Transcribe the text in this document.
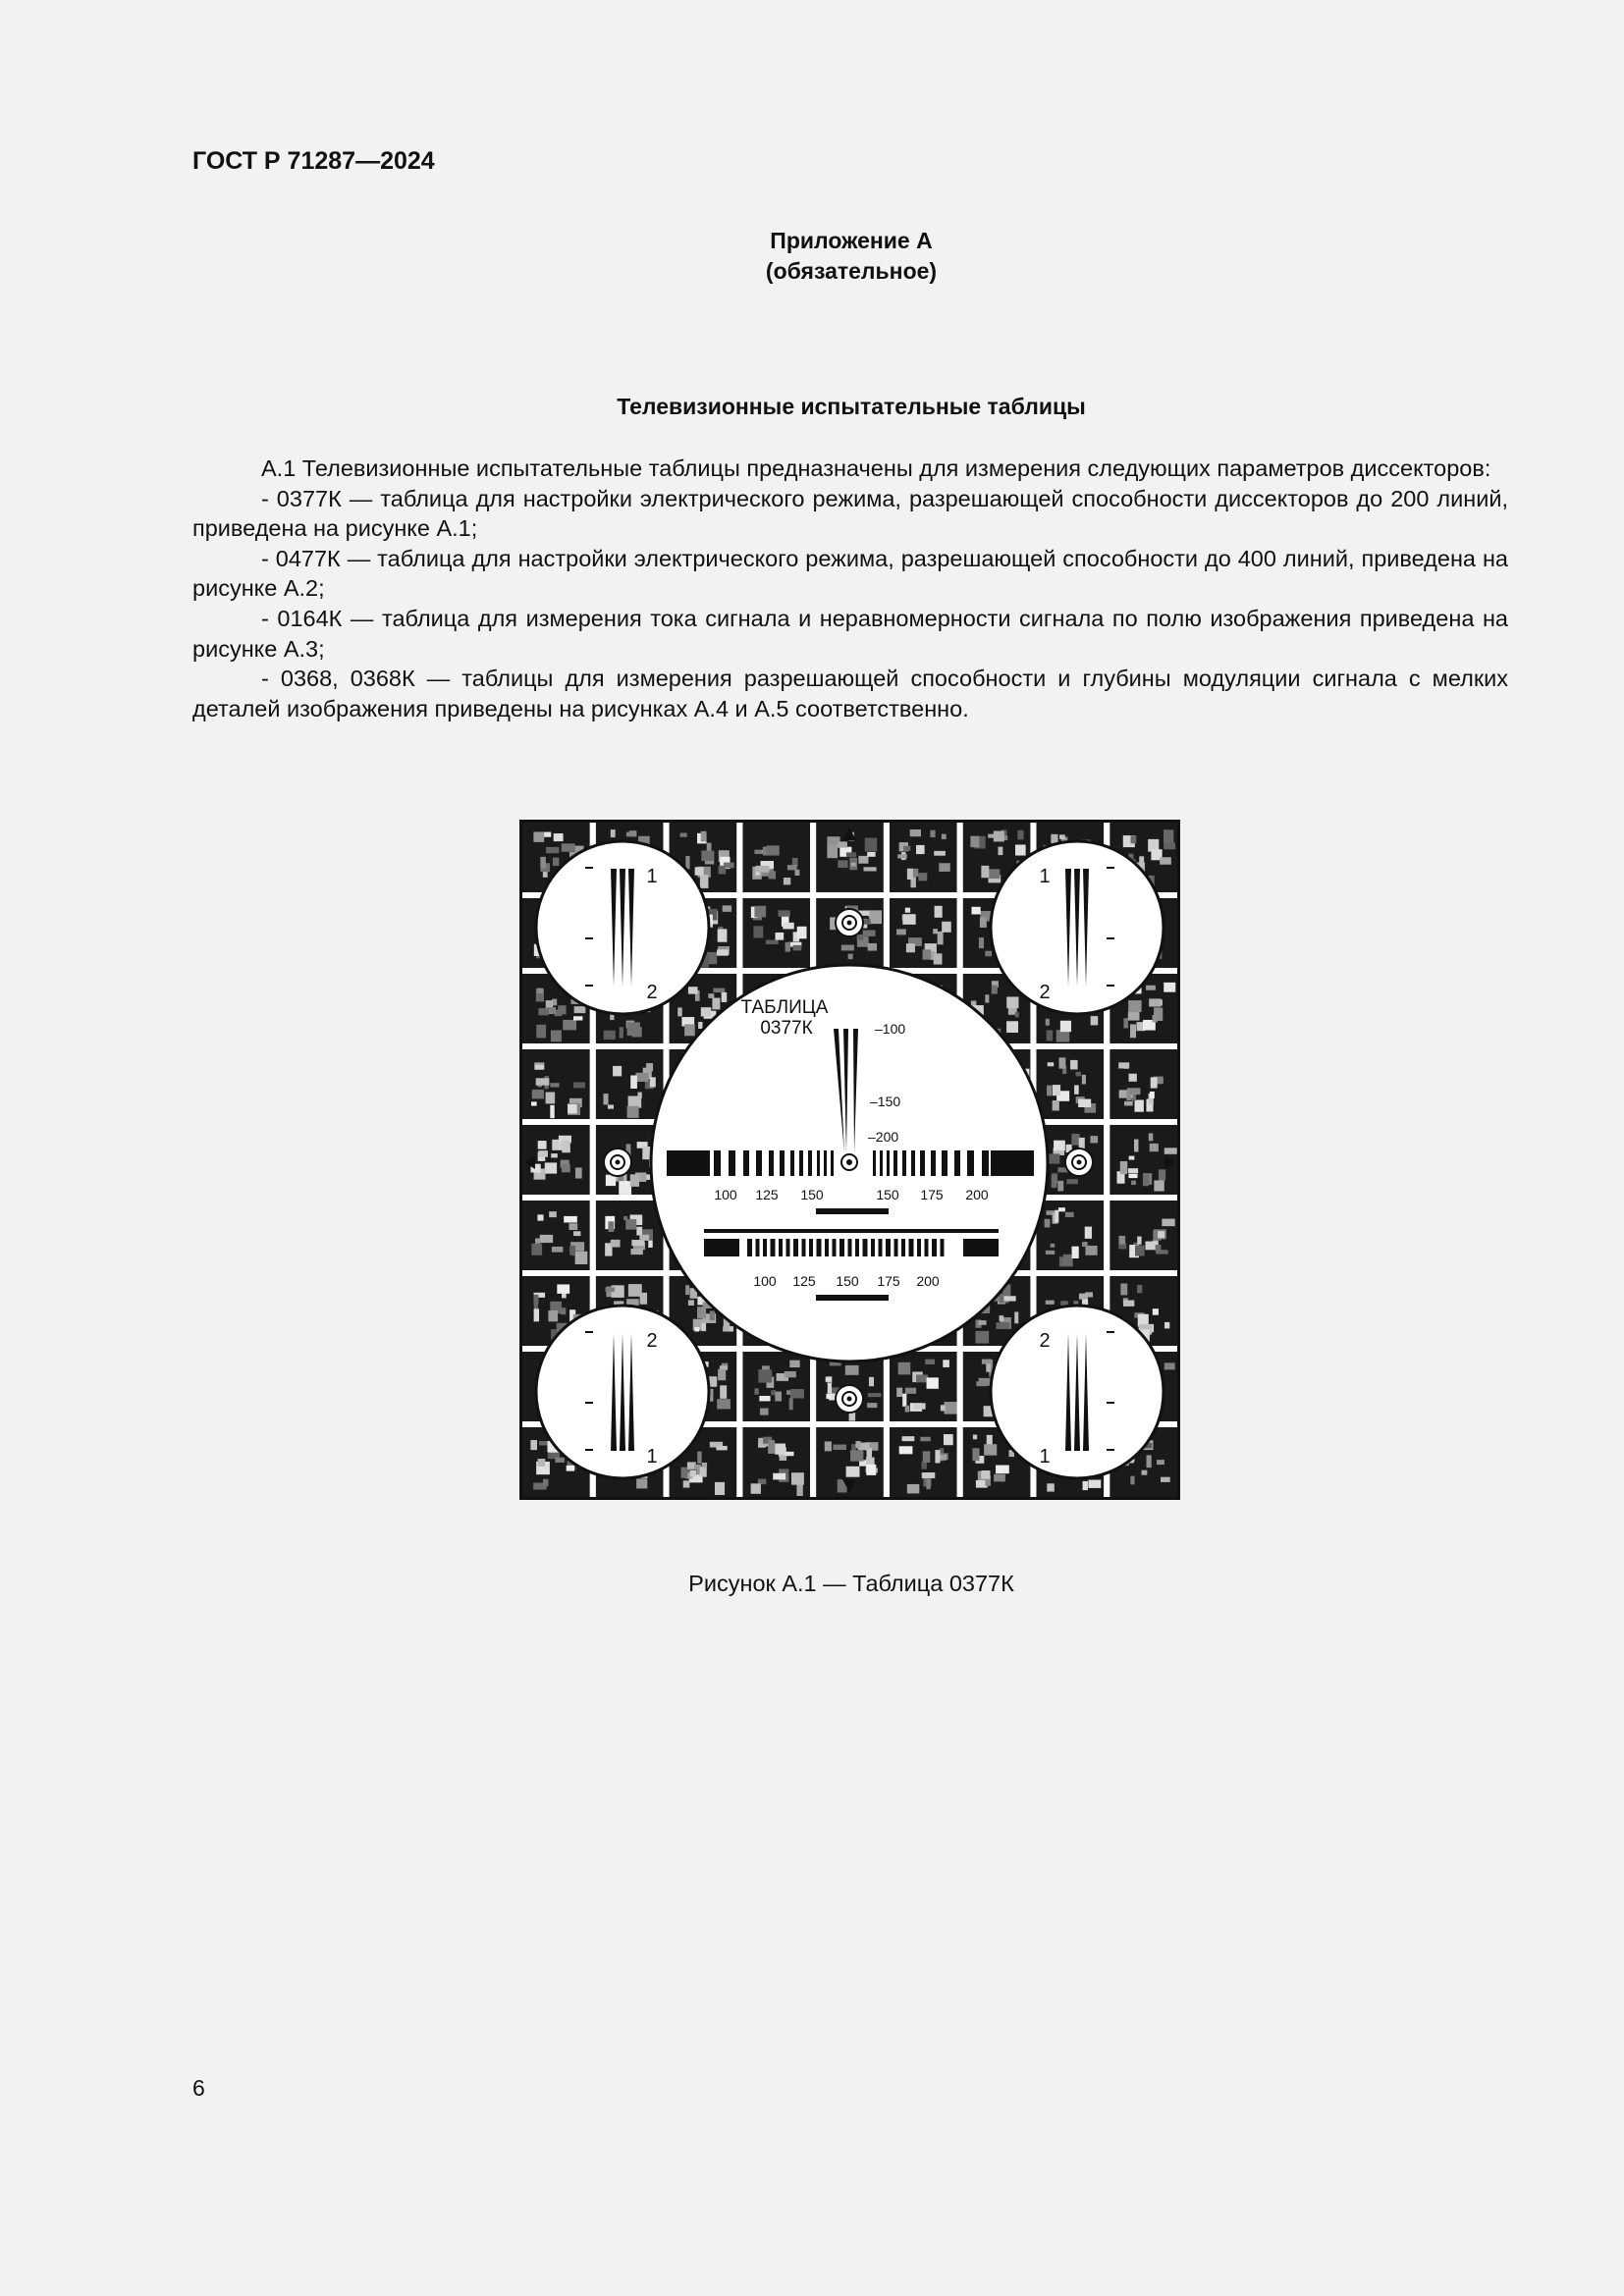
ГОСТ Р 71287—2024
Приложение А
(обязательное)
Телевизионные испытательные таблицы

А.1 Телевизионные испытательные таблицы предназначены для измерения следующих параметров диссекторов:

- 0377К — таблица для настройки электрического режима, разрешающей способности диссекторов до 200 линий, приведена на рисунке А.1;

- 0477К — таблица для настройки электрического режима, разрешающей способности до 400 линий, приведена на рисунке А.2;

- 0164К — таблица для измерения тока сигнала и неравномерности сигнала по полю изображения приведена на рисунке А.3;

- 0368, 0368К — таблицы для измерения разрешающей способности и глубины модуляции сигнала с мелких деталей изображения приведены на рисунках А.4 и А.5 соответственно.

1
2
1
2
2
1
2
1
ТАБЛИЦА
0377К	–100
–150
–200
100 125 150	150 175 200
100 125 150 175 200
Рисунок А.1 — Таблица 0377К
6
